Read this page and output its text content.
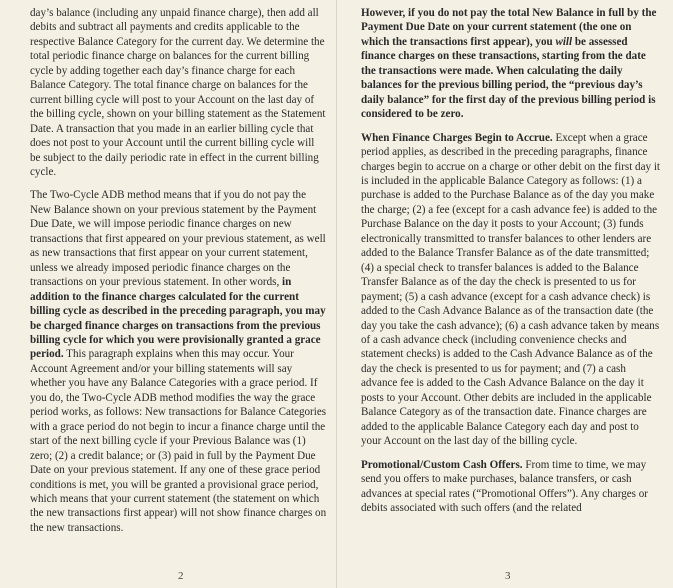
day’s balance (including any unpaid finance charge), then add all debits and subtract all payments and credits applicable to the respective Balance Category for the current day. We determine the total periodic finance charge on balances for the current billing cycle by adding together each day’s finance charge for each Balance Category. The total finance charge on balances for the current billing cycle will post to your Account on the last day of the billing cycle, shown on your billing statement as the Statement Date. A transaction that you made in an earlier billing cycle that does not post to your Account until the current billing cycle will be subject to the daily periodic rate in effect in the current billing cycle.

The Two-Cycle ADB method means that if you do not pay the New Balance shown on your previous statement by the Payment Due Date, we will impose periodic finance charges on new transactions that first appeared on your previous statement, as well as new transactions that first appear on your current statement, unless we already imposed periodic finance charges on the transactions on your previous statement. In other words, in addition to the finance charges calculated for the current billing cycle as described in the preceding paragraph, you may be charged finance charges on transactions from the previous billing cycle for which you were provisionally granted a grace period. This paragraph explains when this may occur. Your Account Agreement and/or your billing statements will say whether you have any Balance Categories with a grace period. If you do, the Two-Cycle ADB method modifies the way the grace period works, as follows: New transactions for Balance Categories with a grace period do not begin to incur a finance charge until the start of the next billing cycle if your Previous Balance was (1) zero; (2) a credit balance; or (3) paid in full by the Payment Due Date on your previous statement. If any one of these grace period conditions is met, you will be granted a provisional grace period, which means that your current statement (the statement on which the new transactions first appear) will not show finance charges on the new transactions.

2

However, if you do not pay the total New Balance in full by the Payment Due Date on your current statement (the one on which the transactions first appear), you will be assessed finance charges on these transactions, starting from the date the transactions were made. When calculating the daily balances for the previous billing period, the “previous day’s daily balance” for the first day of the previous billing period is considered to be zero.

When Finance Charges Begin to Accrue. Except when a grace period applies, as described in the preceding paragraphs, finance charges begin to accrue on a charge or other debit on the first day it is included in the applicable Balance Category as follows: (1) a purchase is added to the Purchase Balance as of the day you make the charge; (2) a fee (except for a cash advance fee) is added to the Purchase Balance on the day it posts to your Account; (3) funds electronically transmitted to transfer balances to other lenders are added to the Balance Transfer Balance as of the date transmitted; (4) a special check to transfer balances is added to the Balance Transfer Balance as of the day the check is presented to us for payment; (5) a cash advance (except for a cash advance check) is added to the Cash Advance Balance as of the transaction date (the day you take the cash advance); (6) a cash advance taken by means of a cash advance check (including convenience checks and statement checks) is added to the Cash Advance Balance as of the day the check is presented to us for payment; and (7) a cash advance fee is added to the Cash Advance Balance on the day it posts to your Account. Other debits are included in the applicable Balance Category as of the transaction date. Finance charges are added to the applicable Balance Category each day and post to your Account on the last day of the billing cycle.

Promotional/Custom Cash Offers. From time to time, we may send you offers to make purchases, balance transfers, or cash advances at special rates (“Promotional Offers”). Any charges or debits associated with such offers (and the related

3
